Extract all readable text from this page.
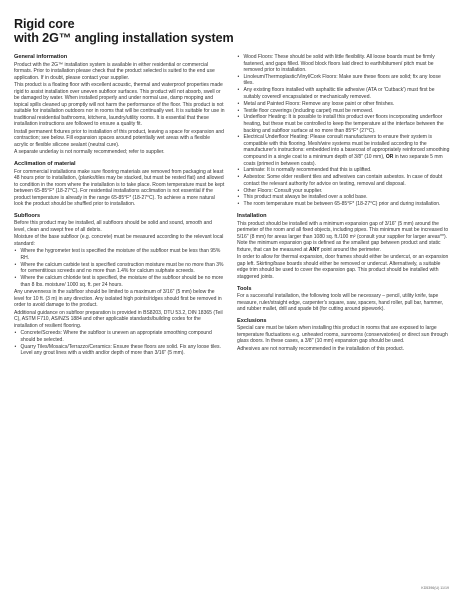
Rigid core
with 2G™ angling installation system
General information

Product with the 2G™ installation system is available in either residential or commercial formats. Prior to installation please check that the product selected is suited to the end use application. If in doubt, please contact your supplier.

This product is a floating floor with excellent acoustic, thermal and waterproof properties made rigid to assist installation over uneven subfloor surfaces. This product will not absorb, swell or be damaged by water. When installed properly and under normal use, damp mopping and topical spills cleaned up promptly will not harm the performance of the floor. This product is not suitable for installation outdoors nor in rooms that will be continually wet. It is suitable for use in traditional residential bathrooms, kitchens, laundry/utility rooms. It is essential that these installation instructions are followed to ensure a quality fit.

Install permanent fixtures prior to installation of this product, leaving a space for expansion and contraction; see below. Fill expansion spaces around potentially wet areas with a flexible acrylic or flexible silicone sealant (neutral cure).

A separate underlay is not normally recommended; refer to supplier.

Acclimation of material

For commercial installations make sure flooring materials are removed from packaging at least 48 hours prior to installation, (planks/tiles may be stacked, but must be rested flat) and allowed to condition in the room where the installation is to take place. Room temperature must be kept between 65-85°F* (18-27°C). For residential installations acclimation is not essential if the product temperature is already in the range 65-85°F* (18-27°C). To achieve a more natural look the product should be shuffled prior to installation.

Subfloors

Before this product may be installed, all subfloors should be solid and sound, smooth and level, clean and swept free of all debris.

Moisture of the base subfloor (e.g. concrete) must be measured according to the relevant local standard:

• Where the hygrometer test is specified the moisture of the subfloor must be less than 95% RH.
• Where the calcium carbide test is specified construction moisture must be no more than 3% for cementitious screeds and no more than 1.4% for calcium sulphate screeds.
• Where the calcium chloride test is specified, the moisture of the subfloor should be no more than 8 lbs. moisture/ 1000 sq. ft. per 24 hours.

Any unevenness in the subfloor should be limited to a maximum of 3/16" (5 mm) below the level for 10 ft. (3 m) in any direction. Any isolated high points/ridges should first be removed in order to avoid damage to the product.

Additional guidance on subfloor preparation is provided in BS8203, DTU 53.2, DIN 18365 (Teil C), ASTM F710, AS/NZS 1884 and other applicable standards/building codes for the installation of resilient flooring.

• Concrete/Screeds: Where the subfloor is uneven an appropriate smoothing compound should be selected.
• Quarry Tiles/Mosaics/Terrazzo/Ceramics: Ensure these floors are solid. Fix any loose tiles. Level any grout lines with a width and/or depth of more than 3/16" (5 mm).
• Wood Floors: These should be solid with little flexibility. All loose boards must be firmly fastened, and gaps filled. Wood block floors laid direct to earth/bitumen/ pitch must be removed prior to installation.
• Linoleum/Thermoplastic/Vinyl/Cork Floors: Make sure these floors are solid; fix any loose tiles.
• Any existing floors installed with asphaltic tile adhesive (ATA or 'Cutback') must first be suitably covered/ encapsulated or mechanically removed.
• Metal and Painted Floors: Remove any loose paint or other finishes.
• Textile floor coverings (including carpet) must be removed.
• Underfloor Heating: It is possible to install this product over floors incorporating underfloor heating, but these must be controlled to keep the temperature at the interface between the backing and subfloor surface at no more than 85°F* (27°C).
• Electrical Underfloor Heating: Please consult manufacturers to ensure their system is compatible with this flooring. Mesh/wire systems must be installed according to the manufacturer's instructions: embedded into a basecoat of appropriately reinforced smoothing compound in a single coat to a minimum depth of 3/8" (10 mm), OR in two separate 5 mm coats (primed in between coats).
• Laminate: It is normally recommended that this is uplifted.
• Asbestos: Some older resilient tiles and adhesives can contain asbestos. In case of doubt contact the relevant authority for advice on testing, removal and disposal.
• Other Floors: Consult your supplier.
• This product must always be installed over a solid base.
• The room temperature must be between 65-85°F* (18-27°C) prior and during installation.
Installation

This product should be installed with a minimum expansion gap of 3/16" (5 mm) around the perimeter of the room and all fixed objects, including pipes. This minimum must be increased to 5/16" (8 mm) for areas larger than 1080 sq. ft./100 m² (consult your supplier for larger areas**). Note the minimum expansion gap is defined as the smallest gap between product and static fixture, that can be measured at ANY point around the perimeter.

In order to allow for thermal expansion, door frames should either be undercut, or an expansion gap left. Skirting/base boards should either be removed or undercut. Alternatively, a suitable edge trim should be used to cover the expansion gap. This product should be installed with staggered joints.

Tools

For a successful installation, the following tools will be necessary – pencil, utility knife, tape measure, ruler/straight edge, carpenter's square, saw, spacers, hand roller, pull bar, hammer, and rubber mallet, drill and spade bit (for cutting around pipework).

Exclusions

Special care must be taken when installing this product in rooms that are exposed to large temperature fluctuations e.g. unheated rooms, sunrooms (conservatories) or direct sun through glass doors. In these cases, a 3/8" (10 mm) expansion gap should be used.

Adhesives are not normally recommended in the installation of this product.

KD5396(U) 11/19
